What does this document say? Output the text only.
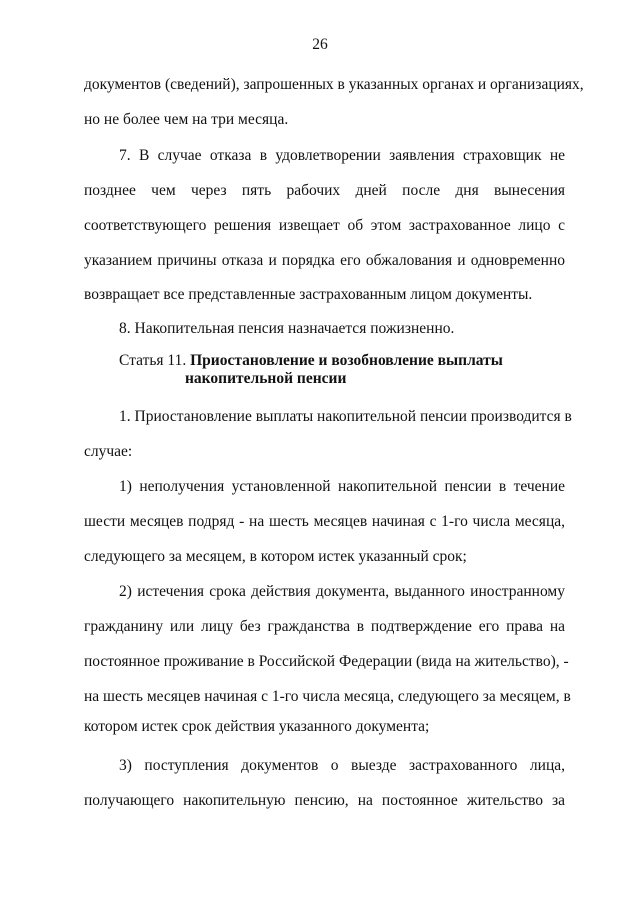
26
документов (сведений), запрошенных в указанных органах и организациях,
но не более чем на три месяца.
7. В случае отказа в удовлетворении заявления страховщик не
позднее чем через пять рабочих дней после дня вынесения
соответствующего решения извещает об этом застрахованное лицо с
указанием причины отказа и порядка его обжалования и одновременно
возвращает все представленные застрахованным лицом документы.
8. Накопительная пенсия назначается пожизненно.
Статья 11. Приостановление и возобновление выплаты
накопительной пенсии
1. Приостановление выплаты накопительной пенсии производится в
случае:
1) неполучения установленной накопительной пенсии в течение
шести месяцев подряд - на шесть месяцев начиная с 1-го числа месяца,
следующего за месяцем, в котором истек указанный срок;
2) истечения срока действия документа, выданного иностранному
гражданину или лицу без гражданства в подтверждение его права на
постоянное проживание в Российской Федерации (вида на жительство), -
на шесть месяцев начиная с 1-го числа месяца, следующего за месяцем, в
котором истек срок действия указанного документа;
3) поступления документов о выезде застрахованного лица,
получающего накопительную пенсию, на постоянное жительство за
